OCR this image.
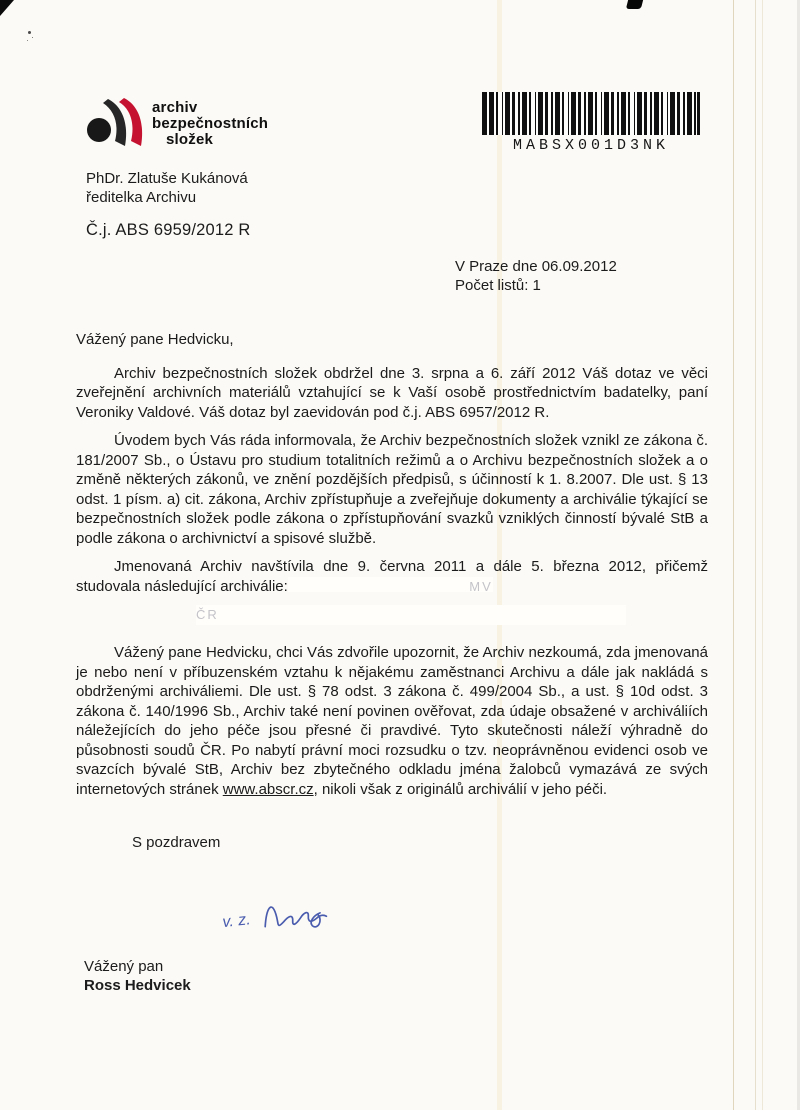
archiv
bezpečnostních
složek
PhDr. Zlatuše Kukánová
ředitelka Archivu
Č.j. ABS 6959/2012 R
MABSX001D3NK
V Praze dne 06.09.2012
Počet listů: 1

Vážený pane Hedvicku,

Archiv bezpečnostních složek obdržel dne 3. srpna a 6. září 2012 Váš dotaz ve věci zveřejnění archivních materiálů vztahující se k Vaší osobě prostřednictvím badatelky, paní Veroniky Valdové. Váš dotaz byl zaevidován pod č.j. ABS 6957/2012 R.

Úvodem bych Vás ráda informovala, že Archiv bezpečnostních složek vznikl ze zákona č. 181/2007 Sb., o Ústavu pro studium totalitních režimů a o Archivu bezpečnostních složek a o změně některých zákonů, ve znění pozdějších předpisů, s účinností k 1. 8.2007. Dle ust. § 13 odst. 1 písm. a) cit. zákona, Archiv zpřístupňuje a zveřejňuje dokumenty a archiválie týkající se bezpečnostních složek podle zákona o zpřístupňování svazků vzniklých činností bývalé StB a podle zákona o archivnictví a spisové službě.

Jmenovaná Archiv navštívila dne 9. června 2011 a dále 5. března 2012, přičemž studovala následující archiválie:	MV

ČR

Vážený pane Hedvicku, chci Vás zdvořile upozornit, že Archiv nezkoumá, zda jmenovaná je nebo není v příbuzenském vztahu k nějakému zaměstnanci Archivu a dále jak nakládá s obdrženými archiváliemi. Dle ust. § 78 odst. 3 zákona č. 499/2004 Sb., a ust. § 10d odst. 3 zákona č. 140/1996 Sb., Archiv také není povinen ověřovat, zda údaje obsažené v archiváliích náležejících do jeho péče jsou přesné či pravdivé. Tyto skutečnosti náleží výhradně do působnosti soudů ČR. Po nabytí právní moci rozsudku o tzv. neoprávněnou evidenci osob ve svazcích bývalé StB, Archiv bez zbytečného odkladu jména žalobců vymazává ze svých internetových stránek www.abscr.cz, nikoli však z originálů archiválií v jeho péči.

S pozdravem

v. z.
Vážený pan
Ross Hedvicek
